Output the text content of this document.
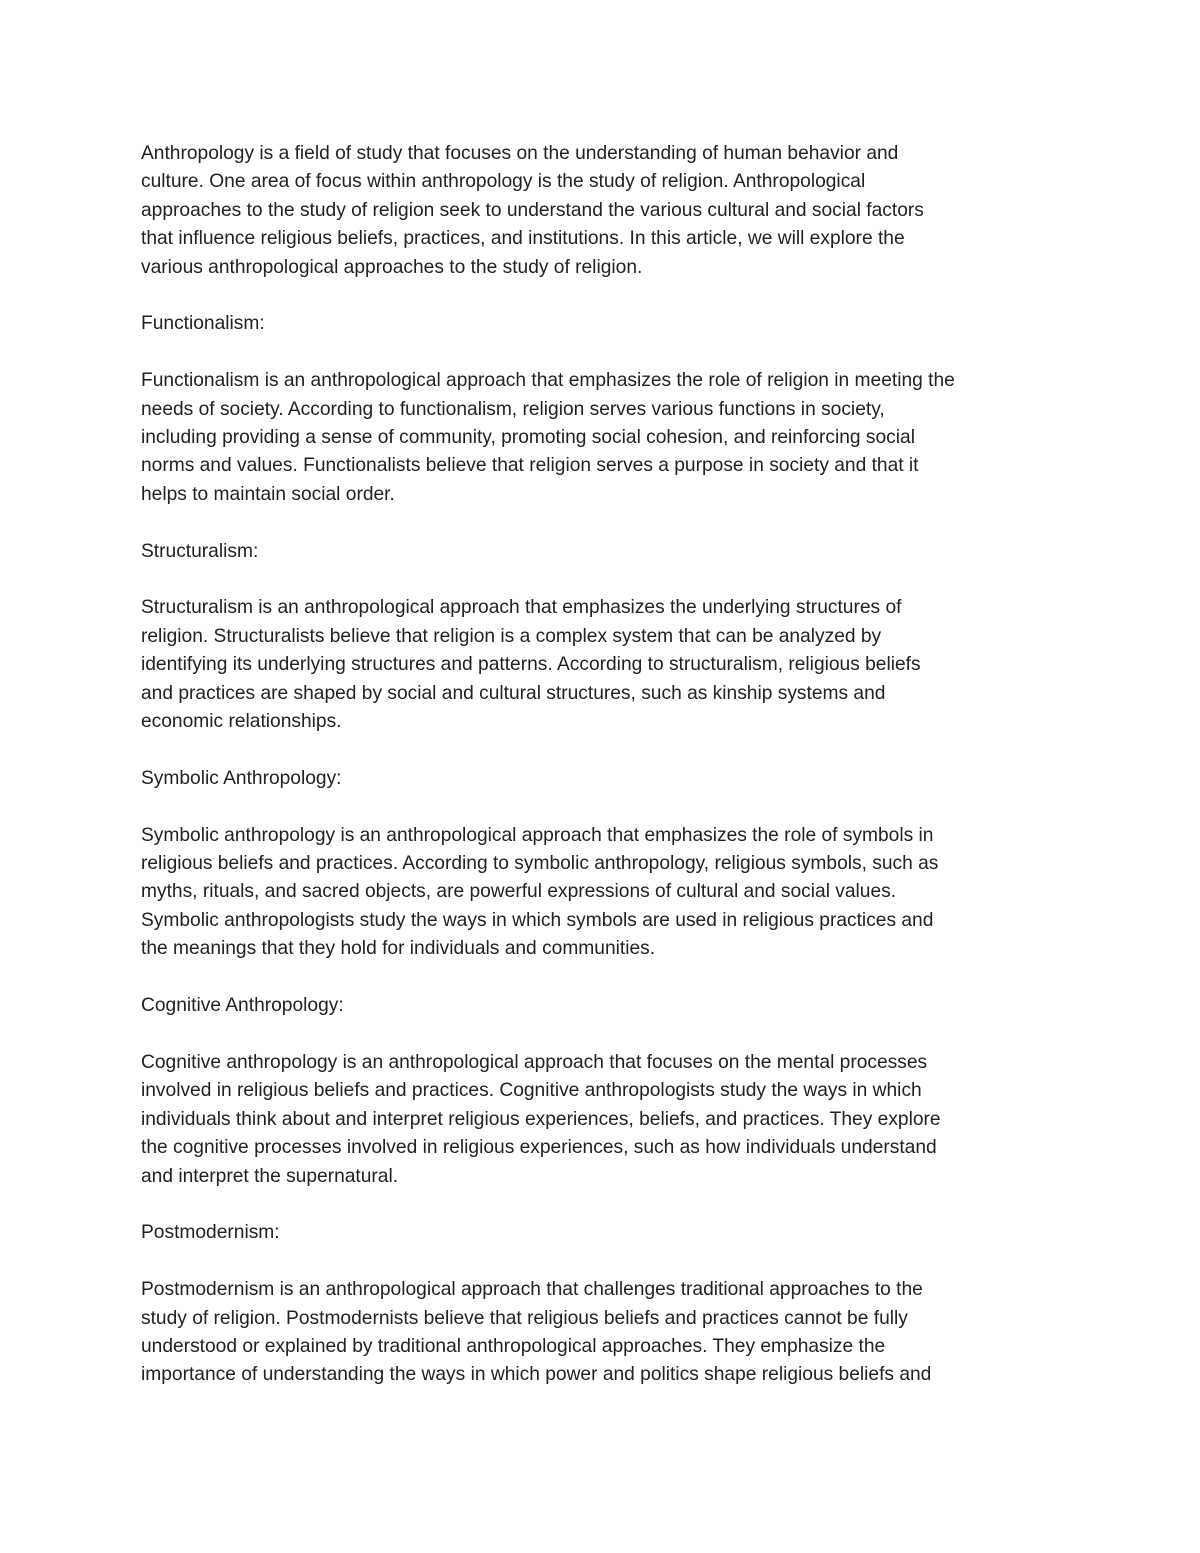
Anthropology is a field of study that focuses on the understanding of human behavior and
culture. One area of focus within anthropology is the study of religion. Anthropological
approaches to the study of religion seek to understand the various cultural and social factors
that influence religious beliefs, practices, and institutions. In this article, we will explore the
various anthropological approaches to the study of religion.

Functionalism:

Functionalism is an anthropological approach that emphasizes the role of religion in meeting the
needs of society. According to functionalism, religion serves various functions in society,
including providing a sense of community, promoting social cohesion, and reinforcing social
norms and values. Functionalists believe that religion serves a purpose in society and that it
helps to maintain social order.

Structuralism:

Structuralism is an anthropological approach that emphasizes the underlying structures of
religion. Structuralists believe that religion is a complex system that can be analyzed by
identifying its underlying structures and patterns. According to structuralism, religious beliefs
and practices are shaped by social and cultural structures, such as kinship systems and
economic relationships.

Symbolic Anthropology:

Symbolic anthropology is an anthropological approach that emphasizes the role of symbols in
religious beliefs and practices. According to symbolic anthropology, religious symbols, such as
myths, rituals, and sacred objects, are powerful expressions of cultural and social values.
Symbolic anthropologists study the ways in which symbols are used in religious practices and
the meanings that they hold for individuals and communities.

Cognitive Anthropology:

Cognitive anthropology is an anthropological approach that focuses on the mental processes
involved in religious beliefs and practices. Cognitive anthropologists study the ways in which
individuals think about and interpret religious experiences, beliefs, and practices. They explore
the cognitive processes involved in religious experiences, such as how individuals understand
and interpret the supernatural.

Postmodernism:

Postmodernism is an anthropological approach that challenges traditional approaches to the
study of religion. Postmodernists believe that religious beliefs and practices cannot be fully
understood or explained by traditional anthropological approaches. They emphasize the
importance of understanding the ways in which power and politics shape religious beliefs and
